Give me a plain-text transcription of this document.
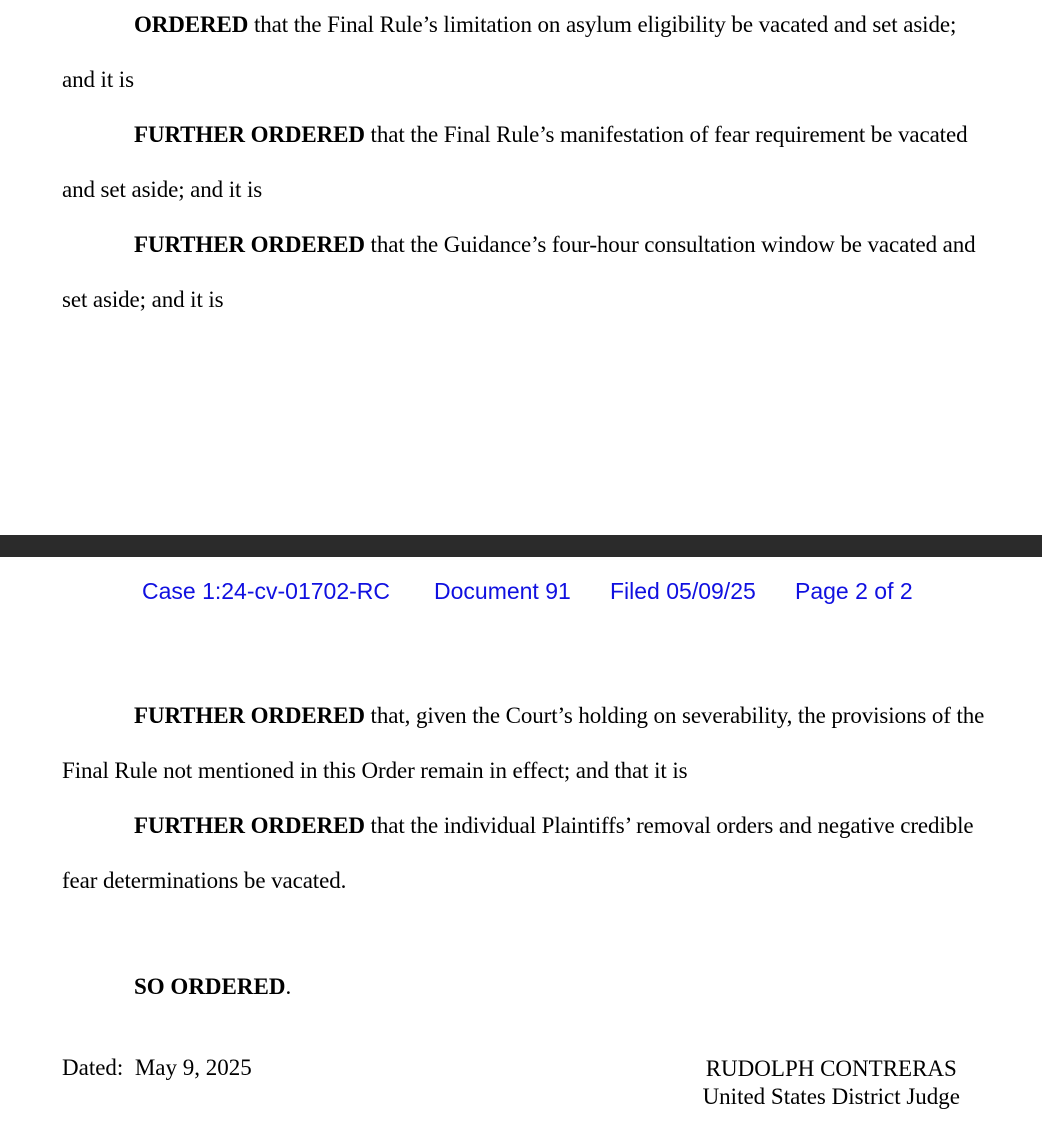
ORDERED that the Final Rule’s limitation on asylum eligibility be vacated and set aside; and it is

FURTHER ORDERED that the Final Rule’s manifestation of fear requirement be vacated and set aside; and it is

FURTHER ORDERED that the Guidance’s four-hour consultation window be vacated and set aside; and it is

Case 1:24-cv-01702-RC Document 91 Filed 05/09/25 Page 2 of 2

FURTHER ORDERED that, given the Court’s holding on severability, the provisions of the Final Rule not mentioned in this Order remain in effect; and that it is

FURTHER ORDERED that the individual Plaintiffs’ removal orders and negative credible fear determinations be vacated.

SO ORDERED.

Dated: May 9, 2025	RUDOLPH CONTRERAS
United States District Judge
